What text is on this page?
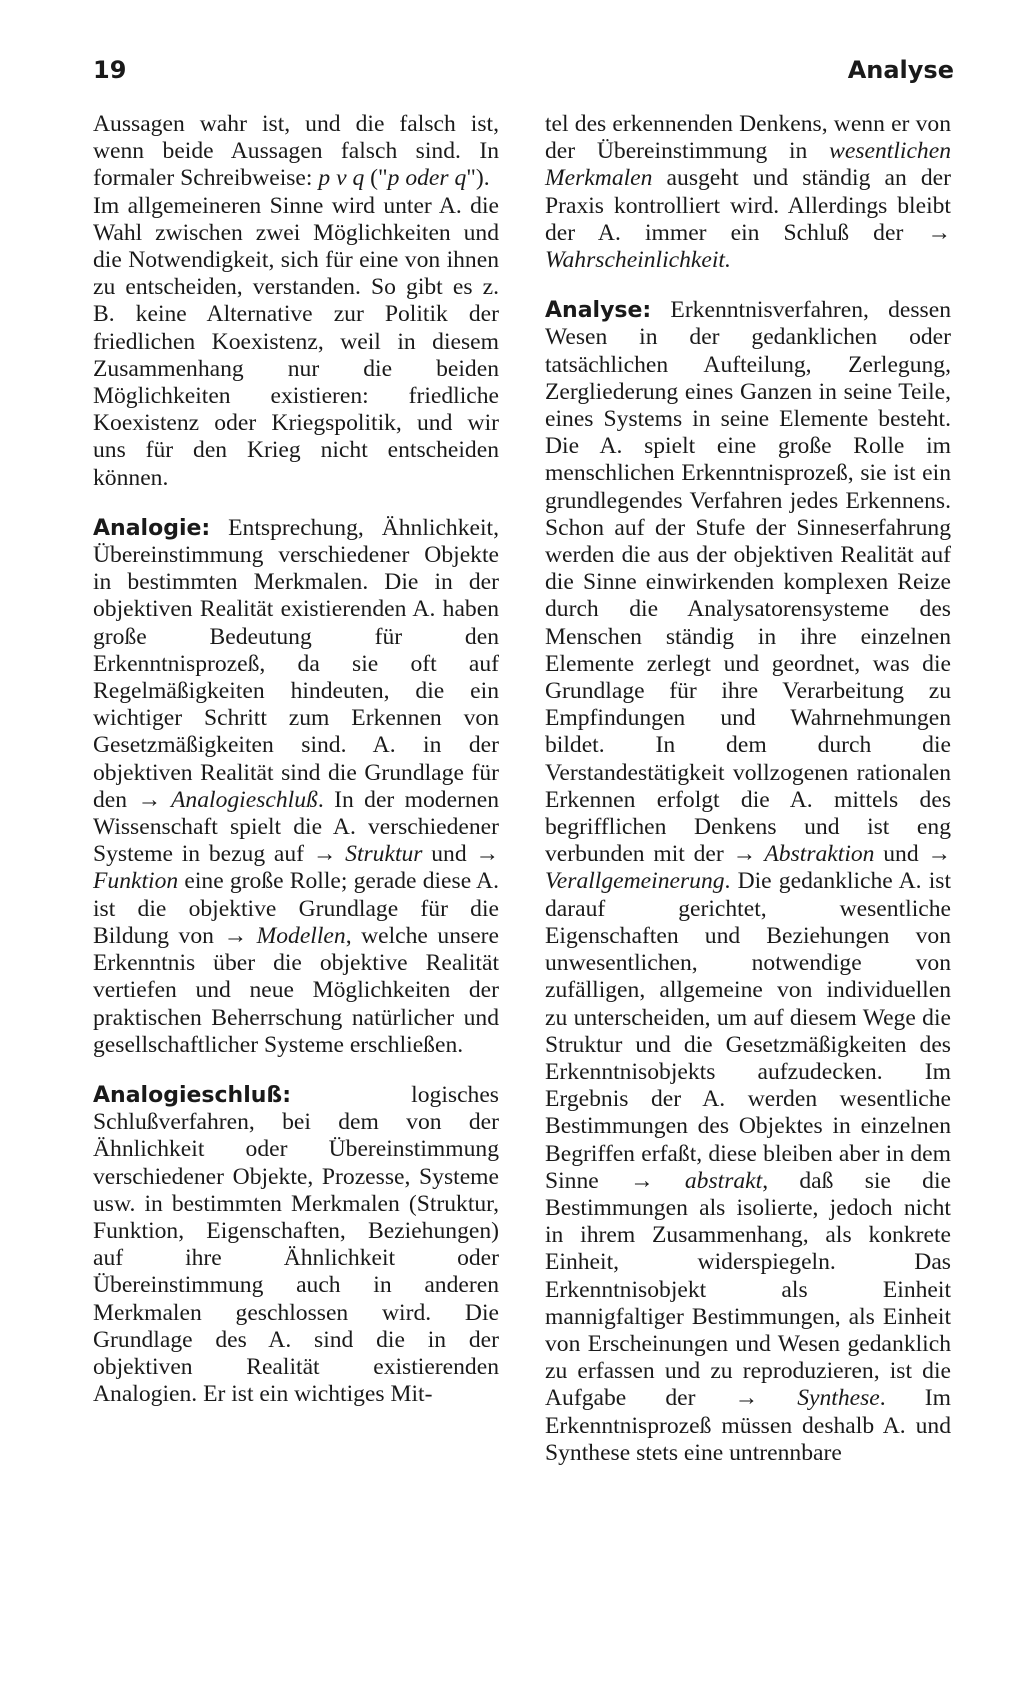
19	Analyse

Aussagen wahr ist, und die falsch ist, wenn beide Aussagen falsch sind. In formaler Schreibweise: p v q ("p oder q").

Im allgemeineren Sinne wird unter A. die Wahl zwischen zwei Möglichkeiten und die Notwendigkeit, sich für eine von ihnen zu entscheiden, verstanden. So gibt es z. B. keine Alternative zur Politik der friedlichen Koexistenz, weil in diesem Zusammenhang nur die beiden Möglichkeiten existieren: friedliche Koexistenz oder Kriegspolitik, und wir uns für den Krieg nicht entscheiden können.

Analogie: Entsprechung, Ähnlichkeit, Übereinstimmung verschiedener Objekte in bestimmten Merkmalen. Die in der objektiven Realität existierenden A. haben große Bedeutung für den Erkenntnisprozeß, da sie oft auf Regelmäßigkeiten hindeuten, die ein wichtiger Schritt zum Erkennen von Gesetzmäßigkeiten sind. A. in der objektiven Realität sind die Grundlage für den → Analogieschluß. In der modernen Wissenschaft spielt die A. verschiedener Systeme in bezug auf → Struktur und → Funktion eine große Rolle; gerade diese A. ist die objektive Grundlage für die Bildung von → Modellen, welche unsere Erkenntnis über die objektive Realität vertiefen und neue Möglichkeiten der praktischen Beherrschung natürlicher und gesellschaftlicher Systeme erschließen.

Analogieschluß: logisches Schlußverfahren, bei dem von der Ähnlichkeit oder Übereinstimmung verschiedener Objekte, Prozesse, Systeme usw. in bestimmten Merkmalen (Struktur, Funktion, Eigenschaften, Beziehungen) auf ihre Ähnlichkeit oder Übereinstimmung auch in anderen Merkmalen geschlossen wird. Die Grundlage des A. sind die in der objektiven Realität existierenden Analogien. Er ist ein wichtiges Mit-

tel des erkennenden Denkens, wenn er von der Übereinstimmung in wesentlichen Merkmalen ausgeht und ständig an der Praxis kontrolliert wird. Allerdings bleibt der A. immer ein Schluß der → Wahrscheinlichkeit.

Analyse: Erkenntnisverfahren, dessen Wesen in der gedanklichen oder tatsächlichen Aufteilung, Zerlegung, Zergliederung eines Ganzen in seine Teile, eines Systems in seine Elemente besteht. Die A. spielt eine große Rolle im menschlichen Erkenntnisprozeß, sie ist ein grundlegendes Verfahren jedes Erkennens. Schon auf der Stufe der Sinneserfahrung werden die aus der objektiven Realität auf die Sinne einwirkenden komplexen Reize durch die Analysatorensysteme des Menschen ständig in ihre einzelnen Elemente zerlegt und geordnet, was die Grundlage für ihre Verarbeitung zu Empfindungen und Wahrnehmungen bildet. In dem durch die Verstandestätigkeit vollzogenen rationalen Erkennen erfolgt die A. mittels des begrifflichen Denkens und ist eng verbunden mit der → Abstraktion und → Verallgemeinerung. Die gedankliche A. ist darauf gerichtet, wesentliche Eigenschaften und Beziehungen von unwesentlichen, notwendige von zufälligen, allgemeine von individuellen zu unterscheiden, um auf diesem Wege die Struktur und die Gesetzmäßigkeiten des Erkenntnisobjekts aufzudecken. Im Ergebnis der A. werden wesentliche Bestimmungen des Objektes in einzelnen Begriffen erfaßt, diese bleiben aber in dem Sinne → abstrakt, daß sie die Bestimmungen als isolierte, jedoch nicht in ihrem Zusammenhang, als konkrete Einheit, widerspiegeln. Das Erkenntnisobjekt als Einheit mannigfaltiger Bestimmungen, als Einheit von Erscheinungen und Wesen gedanklich zu erfassen und zu reproduzieren, ist die Aufgabe der → Synthese. Im Erkenntnisprozeß müssen deshalb A. und Synthese stets eine untrennbare
